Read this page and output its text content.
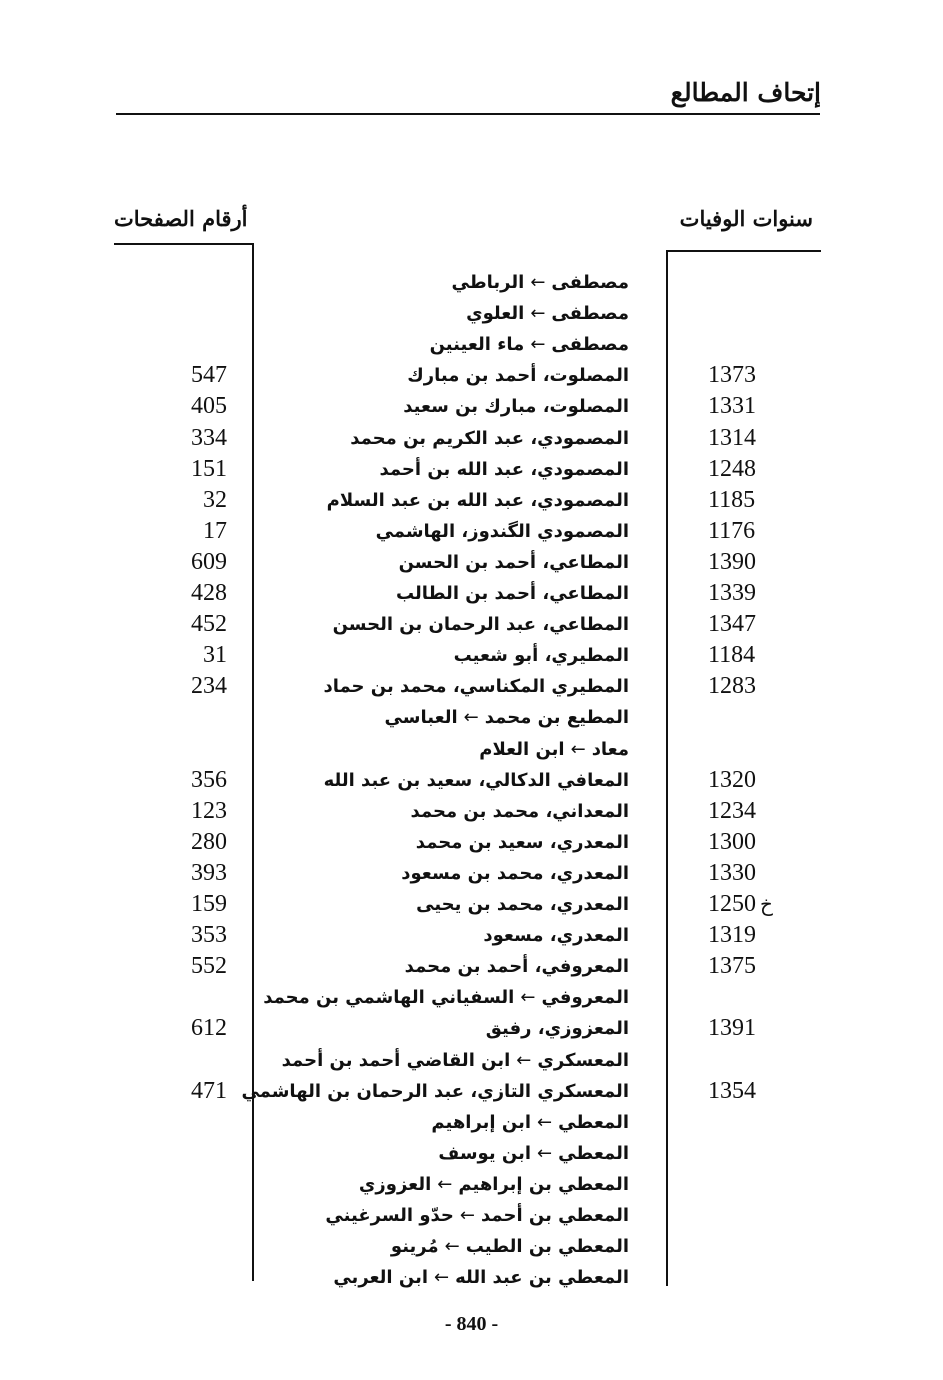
إتحاف المطالع
سنوات الوفيات
أرقام الصفحات
مصطفى←الرباطي
مصطفى←العلوي
مصطفى←ماء العينين
547	المصلوت، أحمد بن مبارك	1373
405	المصلوت، مبارك بن سعيد	1331
334	المصمودي، عبد الكريم بن محمد	1314
151	المصمودي، عبد الله بن أحمد	1248
32	المصمودي، عبد الله بن عبد السلام	1185
17	المصمودي الگندوز، الهاشمي	1176
609	المطاعي، أحمد بن الحسن	1390
428	المطاعي، أحمد بن الطالب	1339
452	المطاعي، عبد الرحمان بن الحسن	1347
31	المطيري، أبو شعيب	1184
234	المطيري المكناسي، محمد بن حماد	1283
المطيع بن محمد←العباسي
معاد←ابن العلام
356	المعافي الدكالي، سعيد بن عبد الله	1320
123	المعداني، محمد بن محمد	1234
280	المعدري، سعيد بن محمد	1300
393	المعدري، محمد بن مسعود	1330
159	المعدري، محمد بن يحيى	1250 خ
353	المعدري، مسعود	1319
552	المعروفي، أحمد بن محمد	1375
المعروفي←السفياني الهاشمي بن محمد
612	المعزوزي، رفيق	1391
المعسكري←ابن القاضي أحمد بن أحمد
471 المعسكري التازي، عبد الرحمان بن الهاشمي	1354
المعطي←ابن إبراهيم
المعطي←ابن يوسف
المعطي بن إبراهيم←العزوزي
المعطي بن أحمد←حدّو السرغيني
المعطي بن الطيب←مُرينو
المعطي بن عبد الله←ابن العربي
- 840 -
